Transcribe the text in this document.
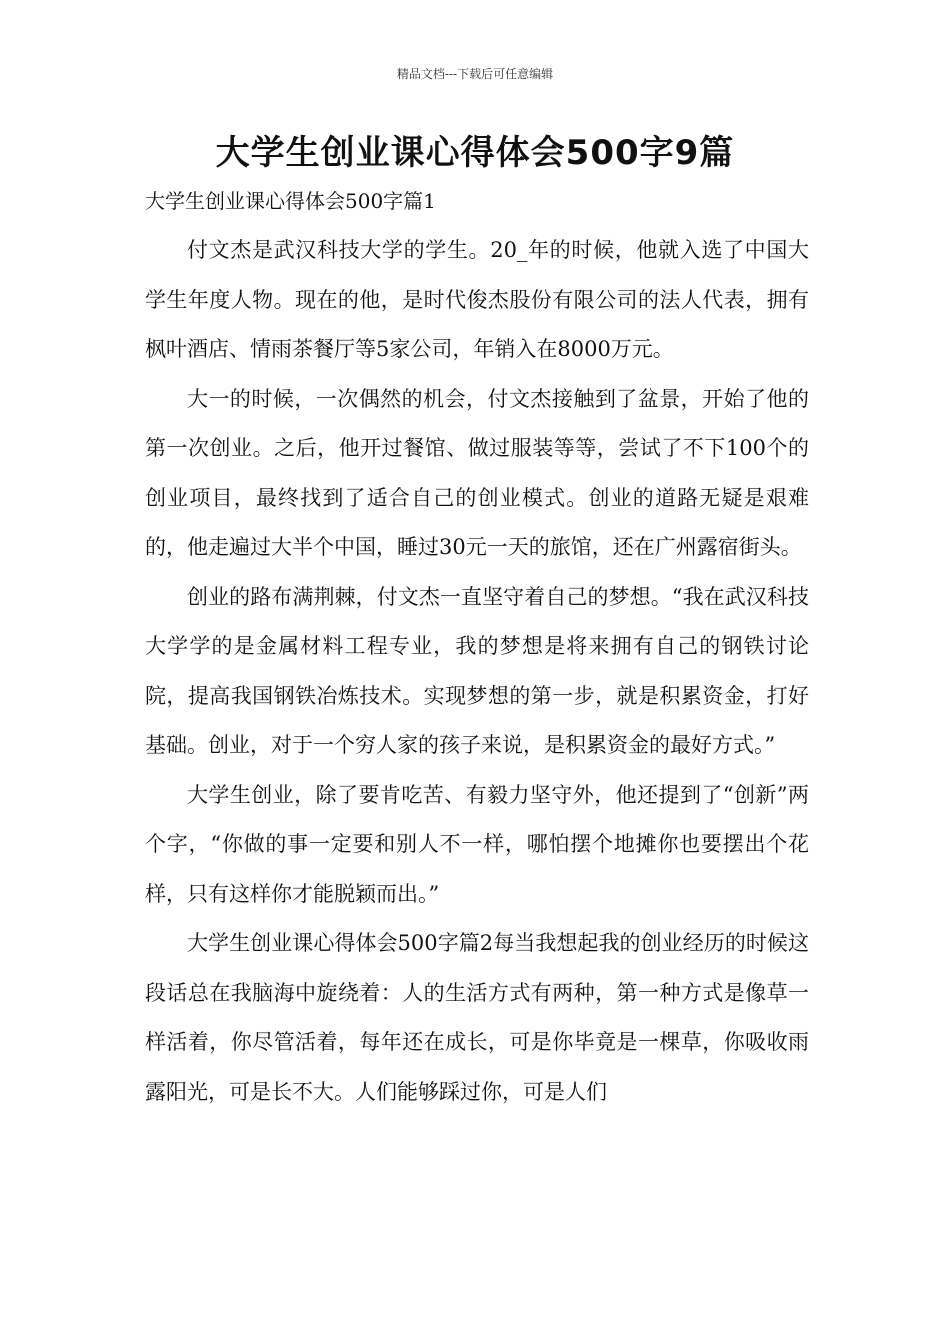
精品文档---下载后可任意编辑
大学生创业课心得体会500字9篇
大学生创业课心得体会500字篇1

付文杰是武汉科技大学的学生。20_年的时候，他就入选了中国大学生年度人物。现在的他，是时代俊杰股份有限公司的法人代表，拥有枫叶酒店、情雨茶餐厅等5家公司，年销入在8000万元。

大一的时候，一次偶然的机会，付文杰接触到了盆景，开始了他的第一次创业。之后，他开过餐馆、做过服装等等，尝试了不下100个的创业项目，最终找到了适合自己的创业模式。创业的道路无疑是艰难的，他走遍过大半个中国，睡过30元一天的旅馆，还在广州露宿街头。

创业的路布满荆棘，付文杰一直坚守着自己的梦想。“我在武汉科技大学学的是金属材料工程专业，我的梦想是将来拥有自己的钢铁讨论院，提高我国钢铁冶炼技术。实现梦想的第一步，就是积累资金，打好基础。创业，对于一个穷人家的孩子来说，是积累资金的最好方式。”

大学生创业，除了要肯吃苦、有毅力坚守外，他还提到了“创新”两个字，“你做的事一定要和别人不一样，哪怕摆个地摊你也要摆出个花样，只有这样你才能脱颖而出。”

大学生创业课心得体会500字篇2每当我想起我的创业经历的时候这段话总在我脑海中旋绕着：人的生活方式有两种，第一种方式是像草一样活着，你尽管活着，每年还在成长，可是你毕竟是一棵草，你吸收雨露阳光，可是长不大。人们能够踩过你，可是人们
